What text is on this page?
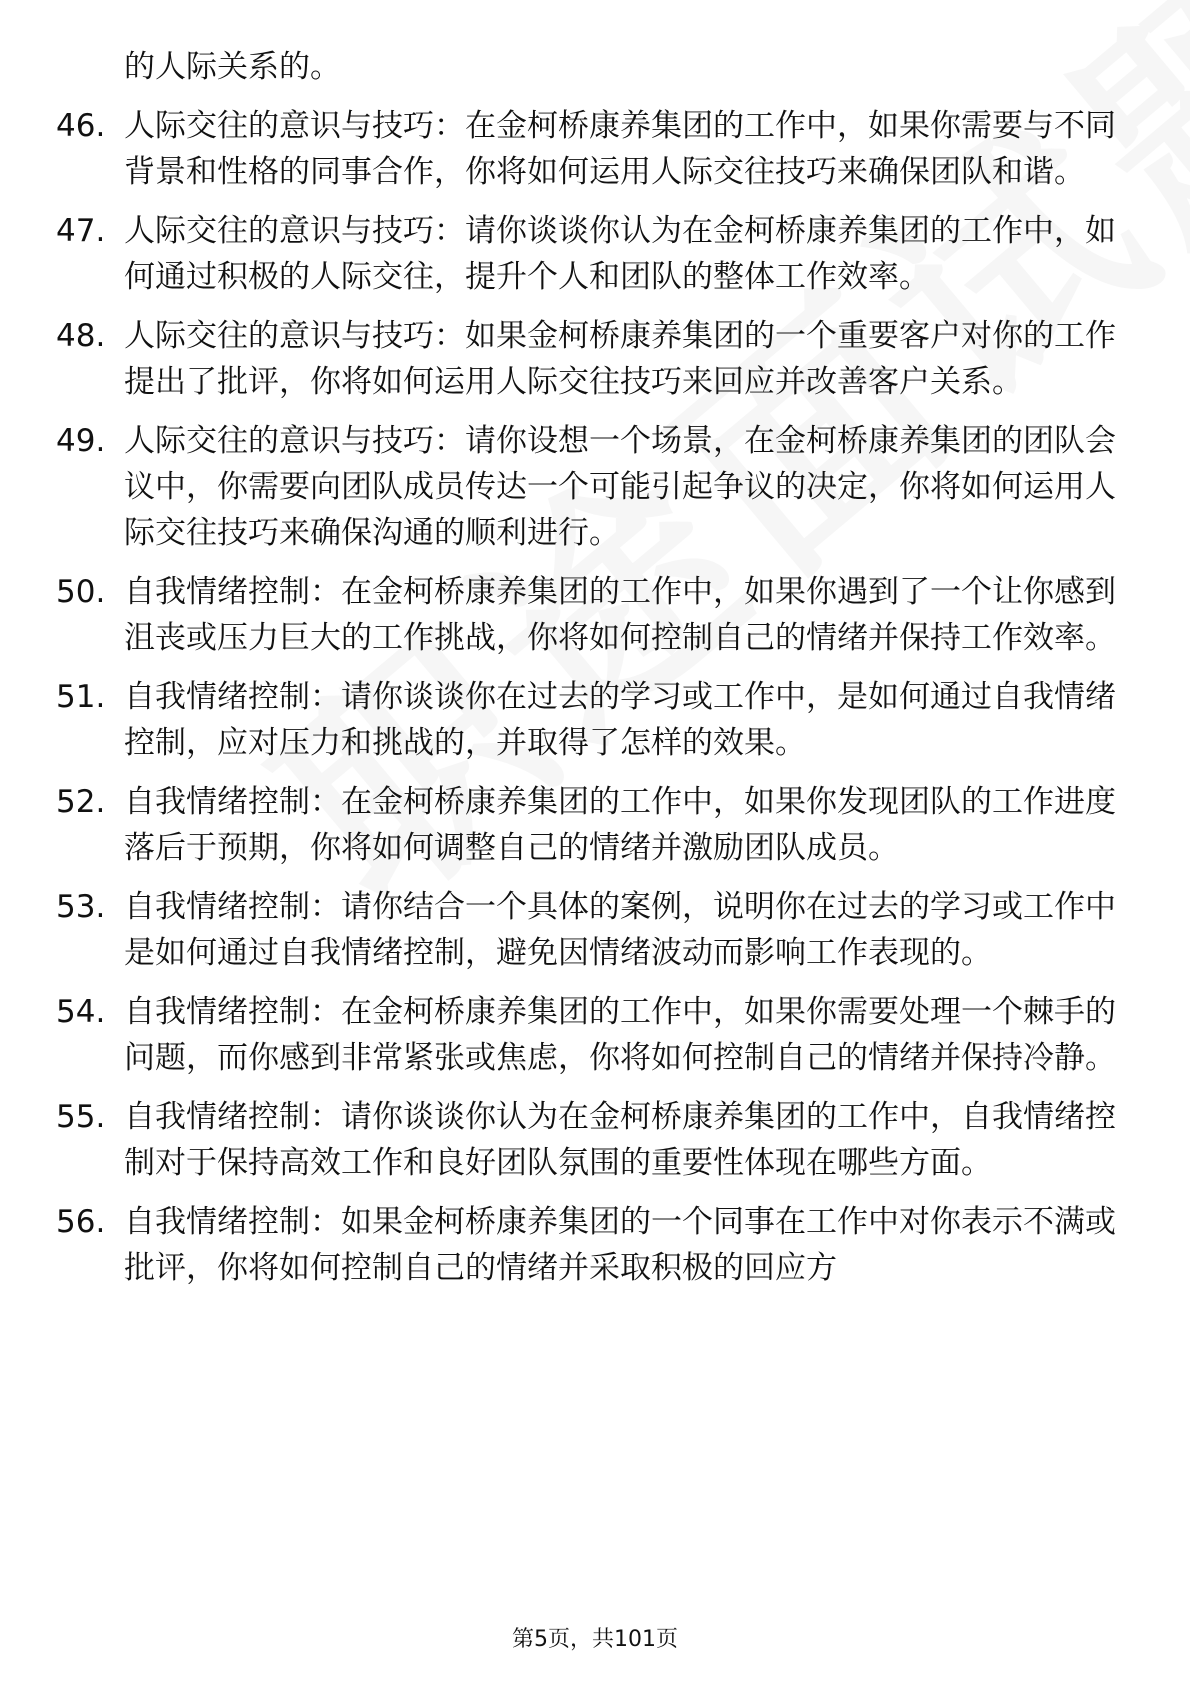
的人际关系的。
46. 人际交往的意识与技巧：在金柯桥康养集团的工作中，如果你需要与不同背景和性格的同事合作，你将如何运用人际交往技巧来确保团队和谐。
47. 人际交往的意识与技巧：请你谈谈你认为在金柯桥康养集团的工作中，如何通过积极的人际交往，提升个人和团队的整体工作效率。
48. 人际交往的意识与技巧：如果金柯桥康养集团的一个重要客户对你的工作提出了批评，你将如何运用人际交往技巧来回应并改善客户关系。
49. 人际交往的意识与技巧：请你设想一个场景，在金柯桥康养集团的团队会议中，你需要向团队成员传达一个可能引起争议的决定，你将如何运用人际交往技巧来确保沟通的顺利进行。
50. 自我情绪控制：在金柯桥康养集团的工作中，如果你遇到了一个让你感到沮丧或压力巨大的工作挑战，你将如何控制自己的情绪并保持工作效率。
51. 自我情绪控制：请你谈谈你在过去的学习或工作中，是如何通过自我情绪控制，应对压力和挑战的，并取得了怎样的效果。
52. 自我情绪控制：在金柯桥康养集团的工作中，如果你发现团队的工作进度落后于预期，你将如何调整自己的情绪并激励团队成员。
53. 自我情绪控制：请你结合一个具体的案例，说明你在过去的学习或工作中是如何通过自我情绪控制，避免因情绪波动而影响工作表现的。
54. 自我情绪控制：在金柯桥康养集团的工作中，如果你需要处理一个棘手的问题，而你感到非常紧张或焦虑，你将如何控制自己的情绪并保持冷静。
55. 自我情绪控制：请你谈谈你认为在金柯桥康养集团的工作中，自我情绪控制对于保持高效工作和良好团队氛围的重要性体现在哪些方面。
56. 自我情绪控制：如果金柯桥康养集团的一个同事在工作中对你表示不满或批评，你将如何控制自己的情绪并采取积极的回应方
第5页，共101页
